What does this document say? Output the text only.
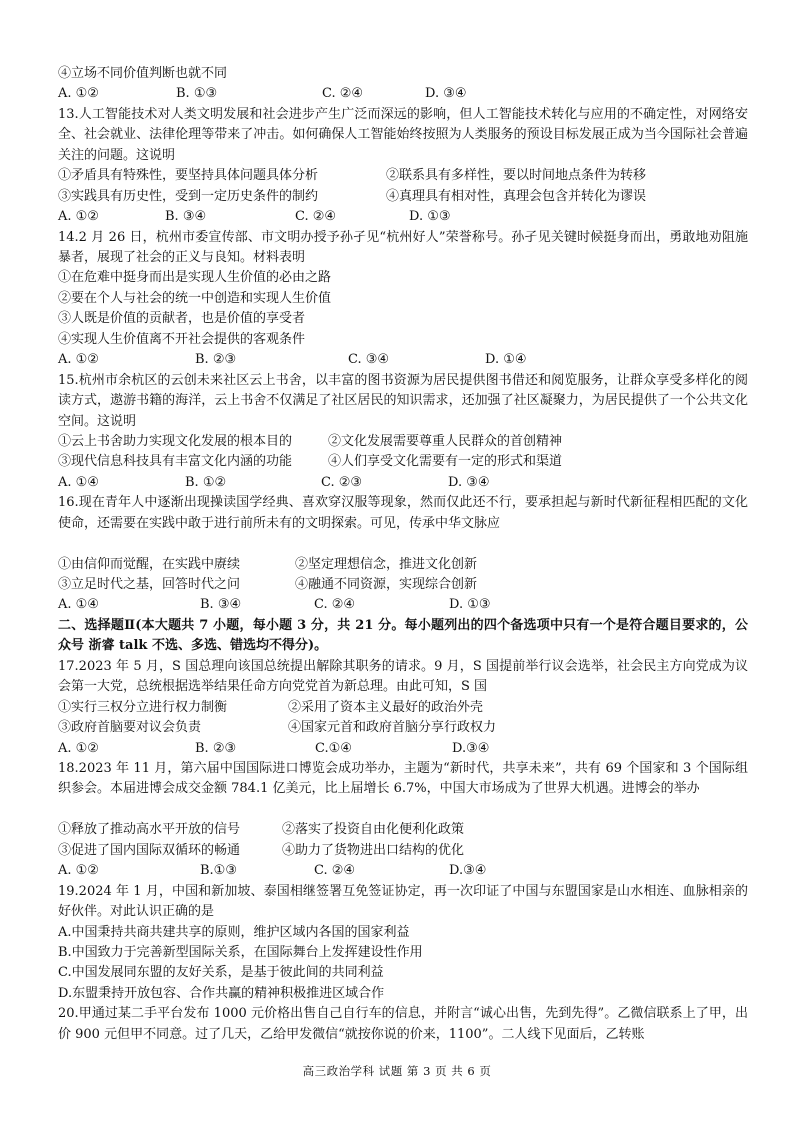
④立场不同价值判断也就不同
A. ①②	B. ①③	C. ②④	D. ③④
13.人工智能技术对人类文明发展和社会进步产生广泛而深远的影响，但人工智能技术转化与应用的不确定性，对网络安全、社会就业、法律伦理等带来了冲击。如何确保人工智能始终按照为人类服务的预设目标发展正成为当今国际社会普遍关注的问题。这说明
①矛盾具有特殊性，要坚持具体问题具体分析	②联系具有多样性，要以时间地点条件为转移
③实践具有历史性，受到一定历史条件的制约	④真理具有相对性，真理会包含并转化为谬误
A. ①②	B. ③④	C. ②④	D. ①③
14.2 月 26 日，杭州市委宣传部、市文明办授予孙孑见“杭州好人”荣誉称号。孙孑见关键时候挺身而出，勇敢地劝阻施暴者，展现了社会的正义与良知。材料表明
①在危难中挺身而出是实现人生价值的必由之路
②要在个人与社会的统一中创造和实现人生价值
③人既是价值的贡献者，也是价值的享受者
④实现人生价值离不开社会提供的客观条件
A. ①②	B. ②③	C. ③④	D. ①④
15.杭州市余杭区的云创未来社区云上书舍，以丰富的图书资源为居民提供图书借还和阅览服务，让群众享受多样化的阅读方式，遨游书籍的海洋，云上书舍不仅满足了社区居民的知识需求，还加强了社区凝聚力，为居民提供了一个公共文化空间。这说明
①云上书舍助力实现文化发展的根本目的	②文化发展需要尊重人民群众的首创精神
③现代信息科技具有丰富文化内涵的功能	④人们享受文化需要有一定的形式和渠道
A. ①④	B. ①②	C. ②③	D. ③④
16.现在青年人中逐渐出现操读国学经典、喜欢穿汉服等现象，然而仅此还不行，要承担起与新时代新征程相匹配的文化使命，还需要在实践中敢于进行前所未有的文明探索。可见，传承中华文脉应
①由信仰而觉醒，在实践中赓续	②坚定理想信念，推进文化创新
③立足时代之基，回答时代之问	④融通不同资源，实现综合创新
A. ①④	B. ③④	C. ②④	D. ①③
二、选择题Ⅱ(本大题共 7 小题，每小题 3 分，共 21 分。每小题列出的四个备选项中只有一个是符合题目要求的，公众号 浙睿 talk 不选、多选、错选均不得分)。
17.2023 年 5 月，S 国总理向该国总统提出解除其职务的请求。9 月，S 国提前举行议会选举，社会民主方向党成为议会第一大党，总统根据选举结果任命方向党党首为新总理。由此可知，S 国
①实行三权分立进行权力制衡	②采用了资本主义最好的政治外壳
③政府首脑要对议会负责	④国家元首和政府首脑分享行政权力
A. ①②	B. ②③	C.①④	D.③④
18.2023 年 11 月，第六届中国国际进口博览会成功举办，主题为“新时代，共享未来”，共有 69 个国家和 3 个国际组织参会。本届进博会成交金额 784.1 亿美元，比上届增长 6.7%，中国大市场成为了世界大机遇。进博会的举办
①释放了推动高水平开放的信号	②落实了投资自由化便利化政策
③促进了国内国际双循环的畅通	④助力了货物进出口结构的优化
A. ①②	B.①③	C. ②④	D.③④
19.2024 年 1 月，中国和新加坡、泰国相继签署互免签证协定，再一次印证了中国与东盟国家是山水相连、血脉相亲的好伙伴。对此认识正确的是
A.中国秉持共商共建共享的原则，维护区域内各国的国家利益
B.中国致力于完善新型国际关系，在国际舞台上发挥建设性作用
C.中国发展同东盟的友好关系，是基于彼此间的共同利益
D.东盟秉持开放包容、合作共赢的精神积极推进区域合作
20.甲通过某二手平台发布 1000 元价格出售自己自行车的信息，并附言“诚心出售，先到先得”。乙微信联系上了甲，出价 900 元但甲不同意。过了几天，乙给甲发微信“就按你说的价来，1100”。二人线下见面后，乙转账
高三政治学科 试题 第 3 页 共 6 页
